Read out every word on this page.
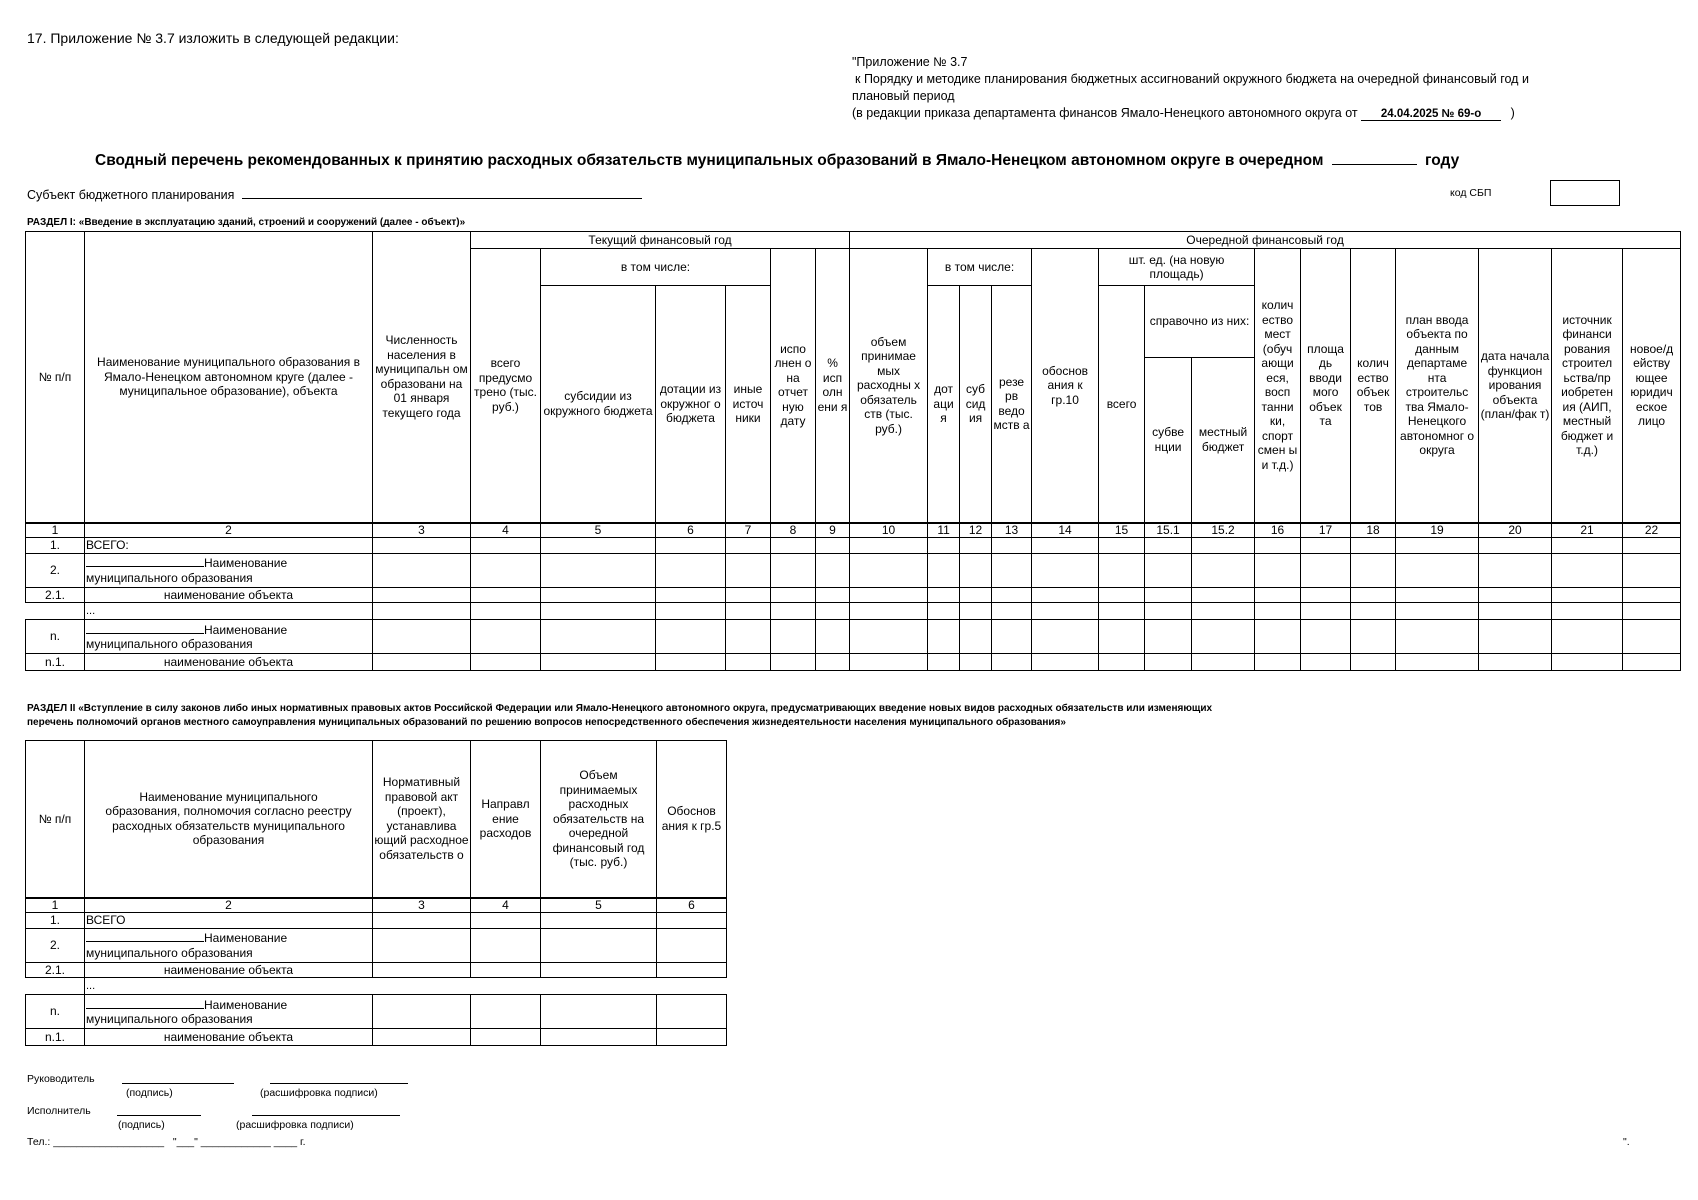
17. Приложение № 3.7 изложить в следующей редакции:
"Приложение № 3.7
к Порядку и методике планирования бюджетных ассигнований окружного бюджета на очередной финансовый год и
плановый период
(в редакции приказа департамента финансов Ямало-Ненецкого автономного округа от 24.04.2025 № 69-о )
Сводный перечень рекомендованных к принятию расходных обязательств муниципальных образований в Ямало-Ненецком автономном округе в очередном	году
Субъект бюджетного планирования	код СБП
РАЗДЕЛ I: «Введение в эксплуатацию зданий, строений и сооружений (далее - объект)»
№ п/п	Наименование муниципального образования в Ямало-Ненецком автономном круге (далее - муниципальное образование), объекта	Численность населения в муниципальн ом образовани на 01 января текущего года	Текущий финансовый год						Очередной финансовый год														
			всего предусмо трено (тыс. руб.)	в том числе:			испо лнен о на отчет ную дату	% исп олн ени я	объем принимае мых расходны х обязатель ств (тыс. руб.)	в том числе:			обоснов ания к гр.10	шт. ед. (на новую площадь)			колич ество мест (обуч ающи еся, восп танни ки, спорт смен ы и т.д.)	площа дь вводи мого объек та	колич ество объек тов	план ввода объекта по данным департаме нта строительс тва Ямало-Ненецкого автономног о округа	дата начала функцион ирования объекта (план/фак т)	источник финанси рования строител ьства/пр иобретен ия (АИП, местный бюджет и т.д.)	новое/д ейству ющее юридич еское лицо
				субсидии из окружного бюджета	дотации из окружног о бюджета	иные источ ники				дот аци я	суб сид ия	резе рв ведо мств а		всего	справочно из них:								
															субве нции	местный бюджет							
1	2	3	4	5	6	7	8	9	10	11	12	13	14	15	15.1	15.2	16	17	18	19	20	21	22
1.	ВСЕГО:																						
2.	Наименование
муниципального образования																						
2.1.	наименование объекта																						
	...																						
n.	Наименование
муниципального образования																						
n.1.	наименование объекта																						
РАЗДЕЛ II «Вступление в силу законов либо иных нормативных правовых актов Российской Федерации или Ямало-Ненецкого автономного округа, предусматривающих введение новых видов расходных обязательств или изменяющих
перечень полномочий органов местного самоуправления муниципальных образований по решению вопросов непосредственного обеспечения жизнедеятельности населения муниципального образования»
№ п/п	Наименование муниципального образования, полномочия согласно реестру расходных обязательств муниципального образования	Нормативный правовой акт (проект), устанавлива ющий расходное обязательств о	Направл ение расходов	Объем принимаемых расходных обязательств на очередной финансовый год (тыс. руб.)	Обоснов ания к гр.5
1	2	3	4	5	6
1.	ВСЕГО				
2.	Наименование
муниципального образования				
2.1.	наименование объекта				
	...				
n.	Наименование
муниципального образования				
n.1.	наименование объекта				
Руководитель
(подпись)	(расшифровка подписи)
Исполнитель
(подпись)	(расшифровка подписи)
Тел.: ___________________   "___" ____________ ____ г.	".
